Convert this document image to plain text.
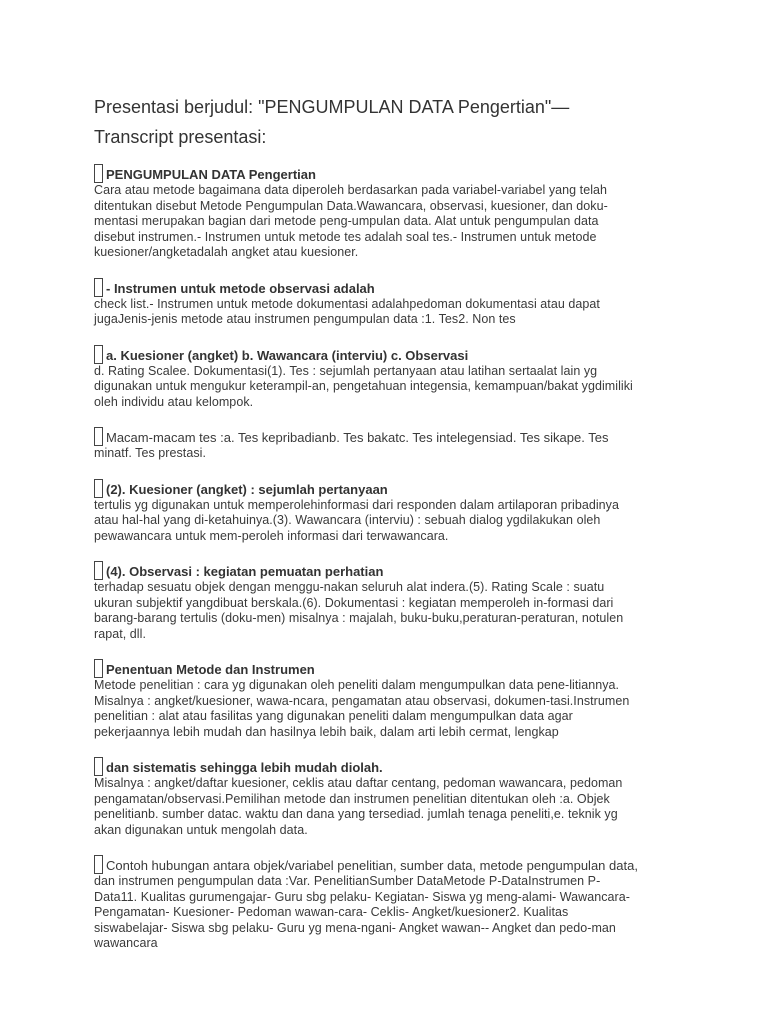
Presentasi berjudul: "PENGUMPULAN DATA Pengertian"—
Transcript presentasi:
PENGUMPULAN DATA Pengertian
Cara atau metode bagaimana data diperoleh berdasarkan pada variabel-variabel yang telah
ditentukan disebut Metode Pengumpulan Data.Wawancara, observasi, kuesioner, dan doku-
mentasi merupakan bagian dari metode peng-umpulan data. Alat untuk pengumpulan data
disebut instrumen.- Instrumen untuk metode tes adalah soal tes.- Instrumen untuk metode
kuesioner/angketadalah angket atau kuesioner.
- Instrumen untuk metode observasi adalah
check list.- Instrumen untuk metode dokumentasi adalahpedoman dokumentasi atau dapat
jugaJenis-jenis metode atau instrumen pengumpulan data :1. Tes2. Non tes
a. Kuesioner (angket) b. Wawancara (interviu) c. Observasi
d. Rating Scalee. Dokumentasi(1). Tes : sejumlah pertanyaan atau latihan sertaalat lain yg
digunakan untuk mengukur keterampil-an, pengetahuan integensia, kemampuan/bakat ygdimiliki
oleh individu atau kelompok.
Macam-macam tes :a. Tes kepribadianb. Tes bakatc. Tes intelegensiad. Tes sikape. Tes
minatf. Tes prestasi.
(2). Kuesioner (angket) : sejumlah pertanyaan
tertulis yg digunakan untuk memperolehinformasi dari responden dalam artilaporan pribadinya
atau hal-hal yang di-ketahuinya.(3). Wawancara (interviu) : sebuah dialog ygdilakukan oleh
pewawancara untuk mem-peroleh informasi dari terwawancara.
(4). Observasi : kegiatan pemuatan perhatian
terhadap sesuatu objek dengan menggu-nakan seluruh alat indera.(5). Rating Scale : suatu
ukuran subjektif yangdibuat berskala.(6). Dokumentasi : kegiatan memperoleh in-formasi dari
barang-barang tertulis (doku-men) misalnya : majalah, buku-buku,peraturan-peraturan, notulen
rapat, dll.
Penentuan Metode dan Instrumen
Metode penelitian : cara yg digunakan oleh peneliti dalam mengumpulkan data pene-litiannya.
Misalnya : angket/kuesioner, wawa-ncara, pengamatan atau observasi, dokumen-tasi.Instrumen
penelitian : alat atau fasilitas yang digunakan peneliti dalam mengumpulkan data agar
pekerjaannya lebih mudah dan hasilnya lebih baik, dalam arti lebih cermat, lengkap
dan sistematis sehingga lebih mudah diolah.
Misalnya : angket/daftar kuesioner, ceklis atau daftar centang, pedoman wawancara, pedoman
pengamatan/observasi.Pemilihan metode dan instrumen penelitian ditentukan oleh :a. Objek
penelitianb. sumber datac. waktu dan dana yang tersediad. jumlah tenaga peneliti,e. teknik yg
akan digunakan untuk mengolah data.
Contoh hubungan antara objek/variabel penelitian, sumber data, metode pengumpulan data,
dan instrumen pengumpulan data :Var. PenelitianSumber DataMetode P-DataInstrumen P-
Data11. Kualitas gurumengajar- Guru sbg pelaku- Kegiatan- Siswa yg meng-alami- Wawancara-
Pengamatan- Kuesioner- Pedoman wawan-cara- Ceklis- Angket/kuesioner2. Kualitas
siswabelajar- Siswa sbg pelaku- Guru yg mena-ngani- Angket wawan-- Angket dan pedo-man
wawancara
